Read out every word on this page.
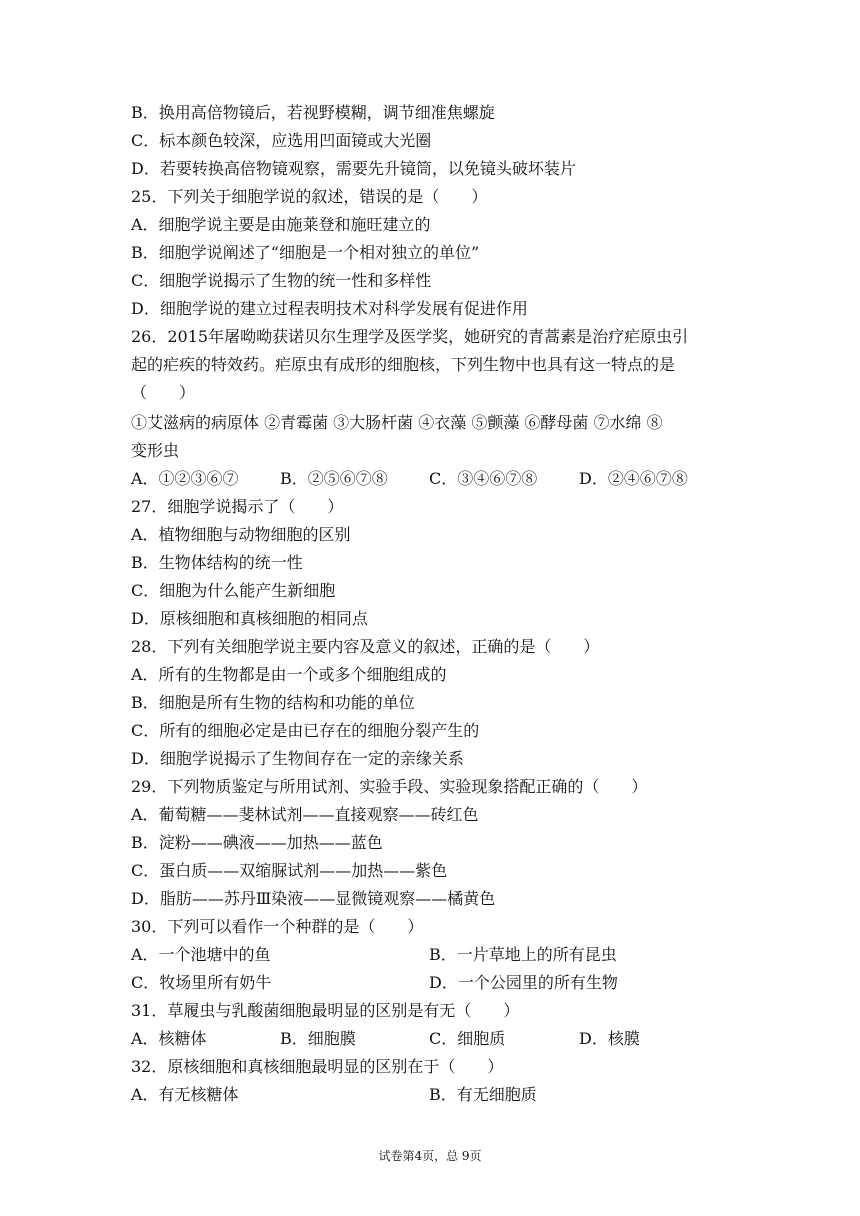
B．换用高倍物镜后，若视野模糊，调节细准焦螺旋
C．标本颜色较深，应选用凹面镜或大光圈
D．若要转换高倍物镜观察，需要先升镜筒，以免镜头破坏装片
25．下列关于细胞学说的叙述，错误的是（　　）
A．细胞学说主要是由施莱登和施旺建立的
B．细胞学说阐述了“细胞是一个相对独立的单位”
C．细胞学说揭示了生物的统一性和多样性
D．细胞学说的建立过程表明技术对科学发展有促进作用
26．2015年屠呦呦获诺贝尔生理学及医学奖，她研究的青蒿素是治疗疟原虫引
起的疟疾的特效药。疟原虫有成形的细胞核，下列生物中也具有这一特点的是
（　　）
①艾滋病的病原体 ②青霉菌 ③大肠杆菌 ④衣藻 ⑤颤藻 ⑥酵母菌 ⑦水绵 ⑧
变形虫
A．①②③⑥⑦	B．②⑤⑥⑦⑧	C．③④⑥⑦⑧	D．②④⑥⑦⑧
27．细胞学说揭示了（　　）
A．植物细胞与动物细胞的区别
B．生物体结构的统一性
C．细胞为什么能产生新细胞
D．原核细胞和真核细胞的相同点
28．下列有关细胞学说主要内容及意义的叙述，正确的是（　　）
A．所有的生物都是由一个或多个细胞组成的
B．细胞是所有生物的结构和功能的单位
C．所有的细胞必定是由已存在的细胞分裂产生的
D．细胞学说揭示了生物间存在一定的亲缘关系
29．下列物质鉴定与所用试剂、实验手段、实验现象搭配正确的（　　）
A．葡萄糖——斐林试剂——直接观察——砖红色
B．淀粉——碘液——加热——蓝色
C．蛋白质——双缩脲试剂——加热——紫色
D．脂肪——苏丹Ⅲ染液——显微镜观察——橘黄色
30．下列可以看作一个种群的是（　　）
A．一个池塘中的鱼	B．一片草地上的所有昆虫
C．牧场里所有奶牛	D．一个公园里的所有生物
31．草履虫与乳酸菌细胞最明显的区别是有无（　　）
A．核糖体	B．细胞膜	C．细胞质	D．核膜
32．原核细胞和真核细胞最明显的区别在于（　　）
A．有无核糖体	B．有无细胞质
试卷第4页，总 9页
